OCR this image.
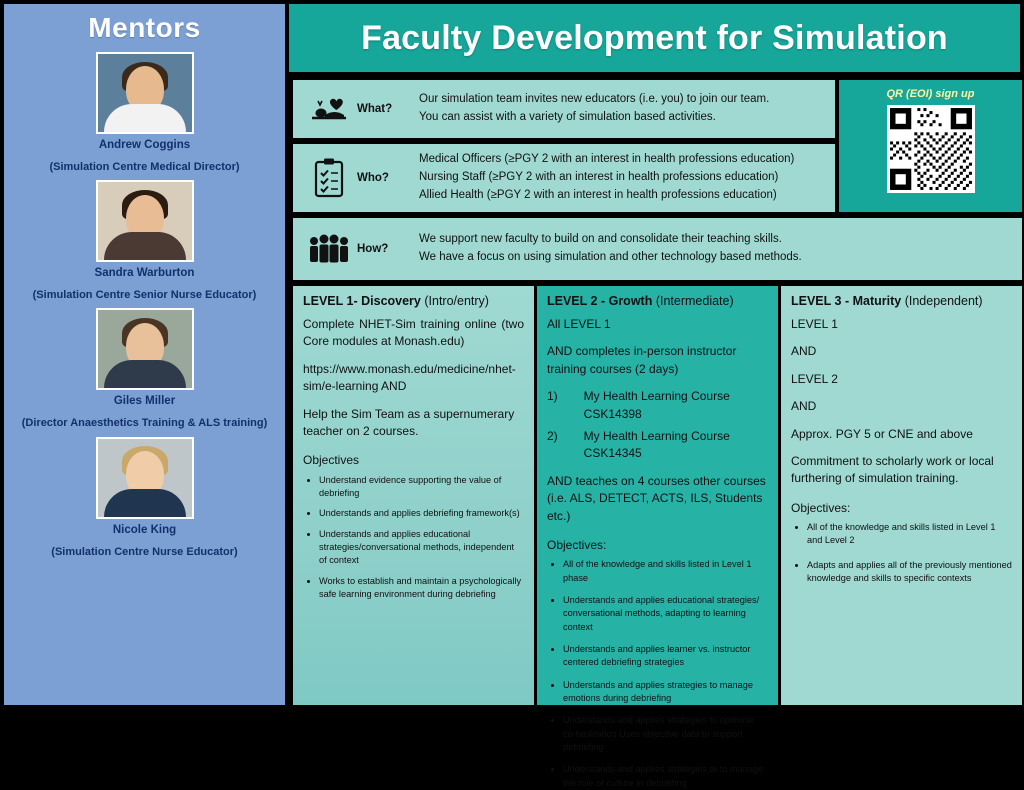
Mentors
Andrew Coggins
(Simulation Centre Medical Director)
Sandra Warburton
(Simulation Centre Senior Nurse Educator)
Giles Miller
(Director Anaesthetics Training & ALS training)
Nicole King
(Simulation Centre Nurse Educator)
Faculty Development for Simulation
What?
Our simulation team invites new educators (i.e. you) to join our team.
You can assist with a variety of simulation based activities.
Who?
Medical Officers (≥PGY 2 with an interest in health professions education)
Nursing Staff (≥PGY 2 with an interest in health professions education)
Allied Health (≥PGY 2 with an interest in health professions education)
QR (EOI) sign up
How?
We support new faculty to build on and consolidate their teaching skills.
We have a focus on using simulation and other technology based methods.
LEVEL 1- Discovery (Intro/entry)

Complete NHET-Sim training online (two Core modules at Monash.edu)

https://www.monash.edu/medicine/nhet-sim/e-learning AND

Help the Sim Team as a supernumerary teacher on 2 courses.

Objectives
• Understand evidence supporting the value of debriefing
• Understands and applies debriefing framework(s)
• Understands and applies educational strategies/conversational methods, independent of context
• Works to establish and maintain a psychologically safe learning environment during debriefing
LEVEL 2 - Growth (Intermediate)

All LEVEL 1

AND completes in-person instructor training courses (2 days)

1) My Health Learning Course CSK14398
2) My Health Learning Course CSK14345

AND teaches on 4 courses other courses (i.e. ALS, DETECT, ACTS, ILS, Students etc.)

Objectives:
• All of the knowledge and skills listed in Level 1 phase
• Understands and applies educational strategies/ conversational methods, adapting to learning context
• Understands and applies learner vs. instructor centered debriefing strategies
• Understands and applies strategies to manage emotions during debriefing
• Understands and applies strategies to optimise co-facilitation Uses objective data to support debriefing
• Understands and applies strategies to to manage the role of culture in debriefing
LEVEL 3 - Maturity (Independent)

LEVEL 1

AND

LEVEL 2

AND

Approx. PGY 5 or CNE and above

Commitment to scholarly work or local furthering of simulation training.

Objectives:
• All of the knowledge and skills listed in Level 1 and Level 2
• Adapts and applies all of the previously mentioned knowledge and skills to specific contexts
